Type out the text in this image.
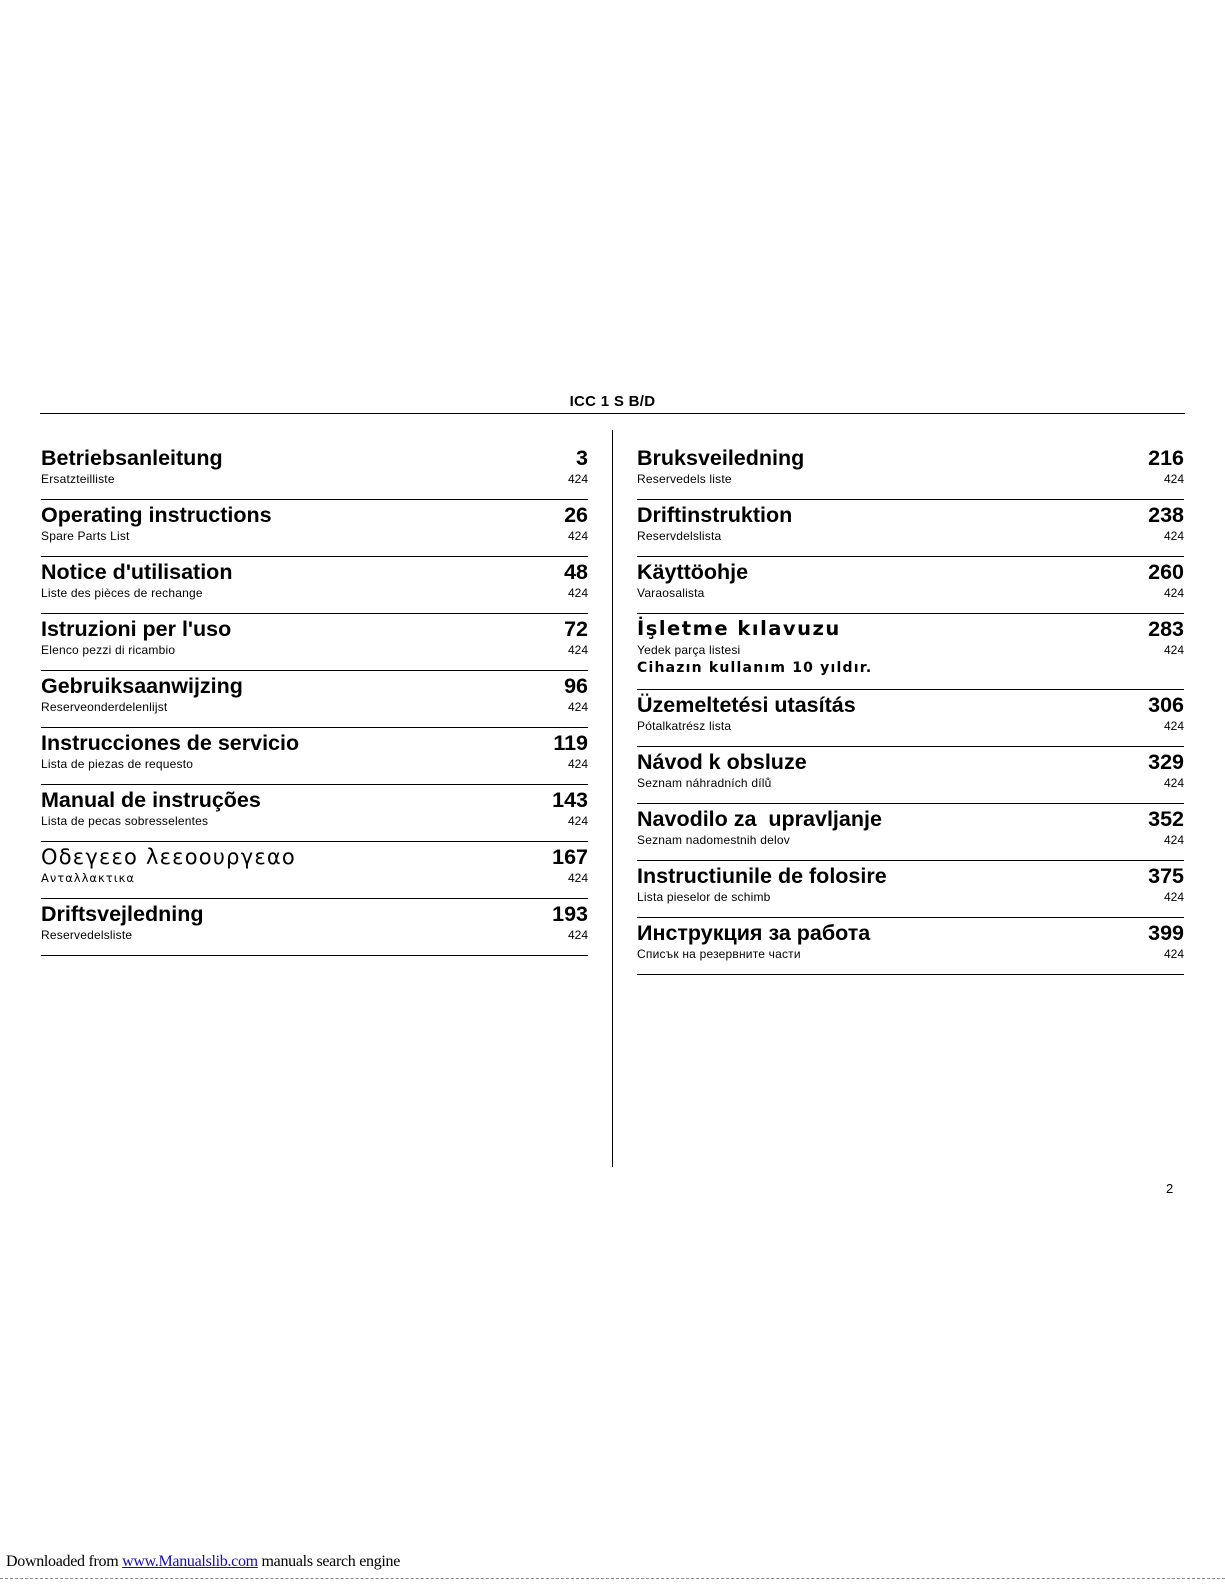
ICC 1 S B/D
Betriebsanleitung	3
Ersatzteilliste	424
Operating instructions	26
Spare Parts List	424
Notice d'utilisation	48
Liste des pièces de rechange	424
Istruzioni per l'uso	72
Elenco pezzi di ricambio	424
Gebruiksaanwijzing	96
Reserveonderdelenlijst	424
Instrucciones de servicio	119
Lista de piezas de requesto	424
Manual de instruções	143
Lista de pecas sobresselentes	424
Οδεγεεο λεεοουργεαο	167
Ανταλλακτικα	424
Driftsvejledning	193
Reservedelsliste	424
Bruksveiledning	216
Reservedels liste	424
Driftinstruktion	238
Reservdelslista	424
Käyttöohje	260
Varaosalista	424
İşletme kılavuzu	283
Yedek parça listesi	424
Cihazın kullanım 10 yıldır.
Üzemeltetési utasítás	306
Pótalkatrész lista	424
Návod k obsluze	329
Seznam náhradních dílů	424
Navodilo za  upravljanje	352
Seznam nadomestnih delov	424
Instructiunile de folosire	375
Lista pieselor de schimb	424
Инструкция за работа	399
Списък на резервните части	424
2
Downloaded from www.Manualslib.com manuals search engine
